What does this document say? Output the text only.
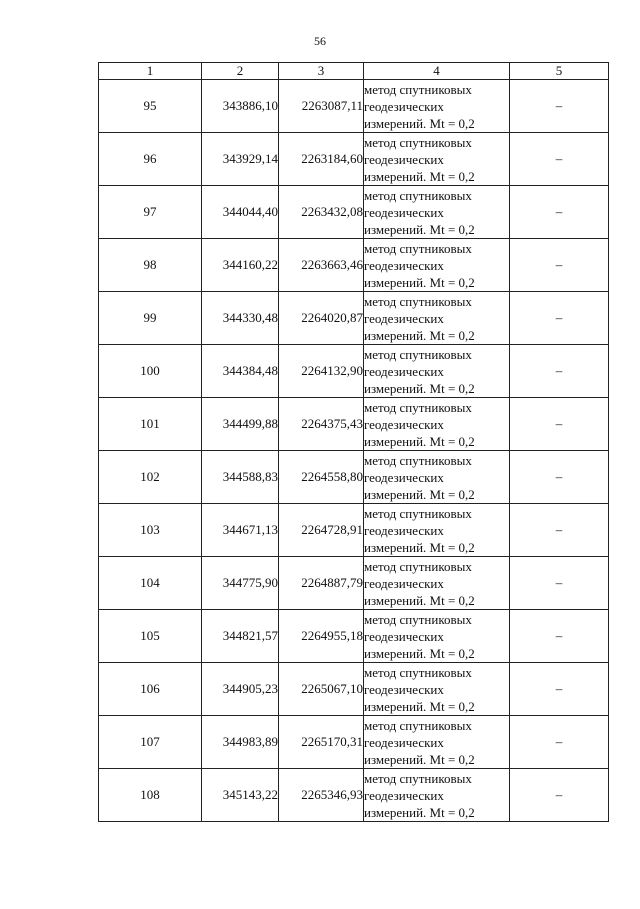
56
1	2	3	4	5
95	343886,10	2263087,11	метод спутниковых
геодезических
измерений. Mt = 0,2	–
96	343929,14	2263184,60	метод спутниковых
геодезических
измерений. Mt = 0,2	–
97	344044,40	2263432,08	метод спутниковых
геодезических
измерений. Mt = 0,2	–
98	344160,22	2263663,46	метод спутниковых
геодезических
измерений. Mt = 0,2	–
99	344330,48	2264020,87	метод спутниковых
геодезических
измерений. Mt = 0,2	–
100	344384,48	2264132,90	метод спутниковых
геодезических
измерений. Mt = 0,2	–
101	344499,88	2264375,43	метод спутниковых
геодезических
измерений. Mt = 0,2	–
102	344588,83	2264558,80	метод спутниковых
геодезических
измерений. Mt = 0,2	–
103	344671,13	2264728,91	метод спутниковых
геодезических
измерений. Mt = 0,2	–
104	344775,90	2264887,79	метод спутниковых
геодезических
измерений. Mt = 0,2	–
105	344821,57	2264955,18	метод спутниковых
геодезических
измерений. Mt = 0,2	–
106	344905,23	2265067,10	метод спутниковых
геодезических
измерений. Mt = 0,2	–
107	344983,89	2265170,31	метод спутниковых
геодезических
измерений. Mt = 0,2	–
108	345143,22	2265346,93	метод спутниковых
геодезических
измерений. Mt = 0,2	–
